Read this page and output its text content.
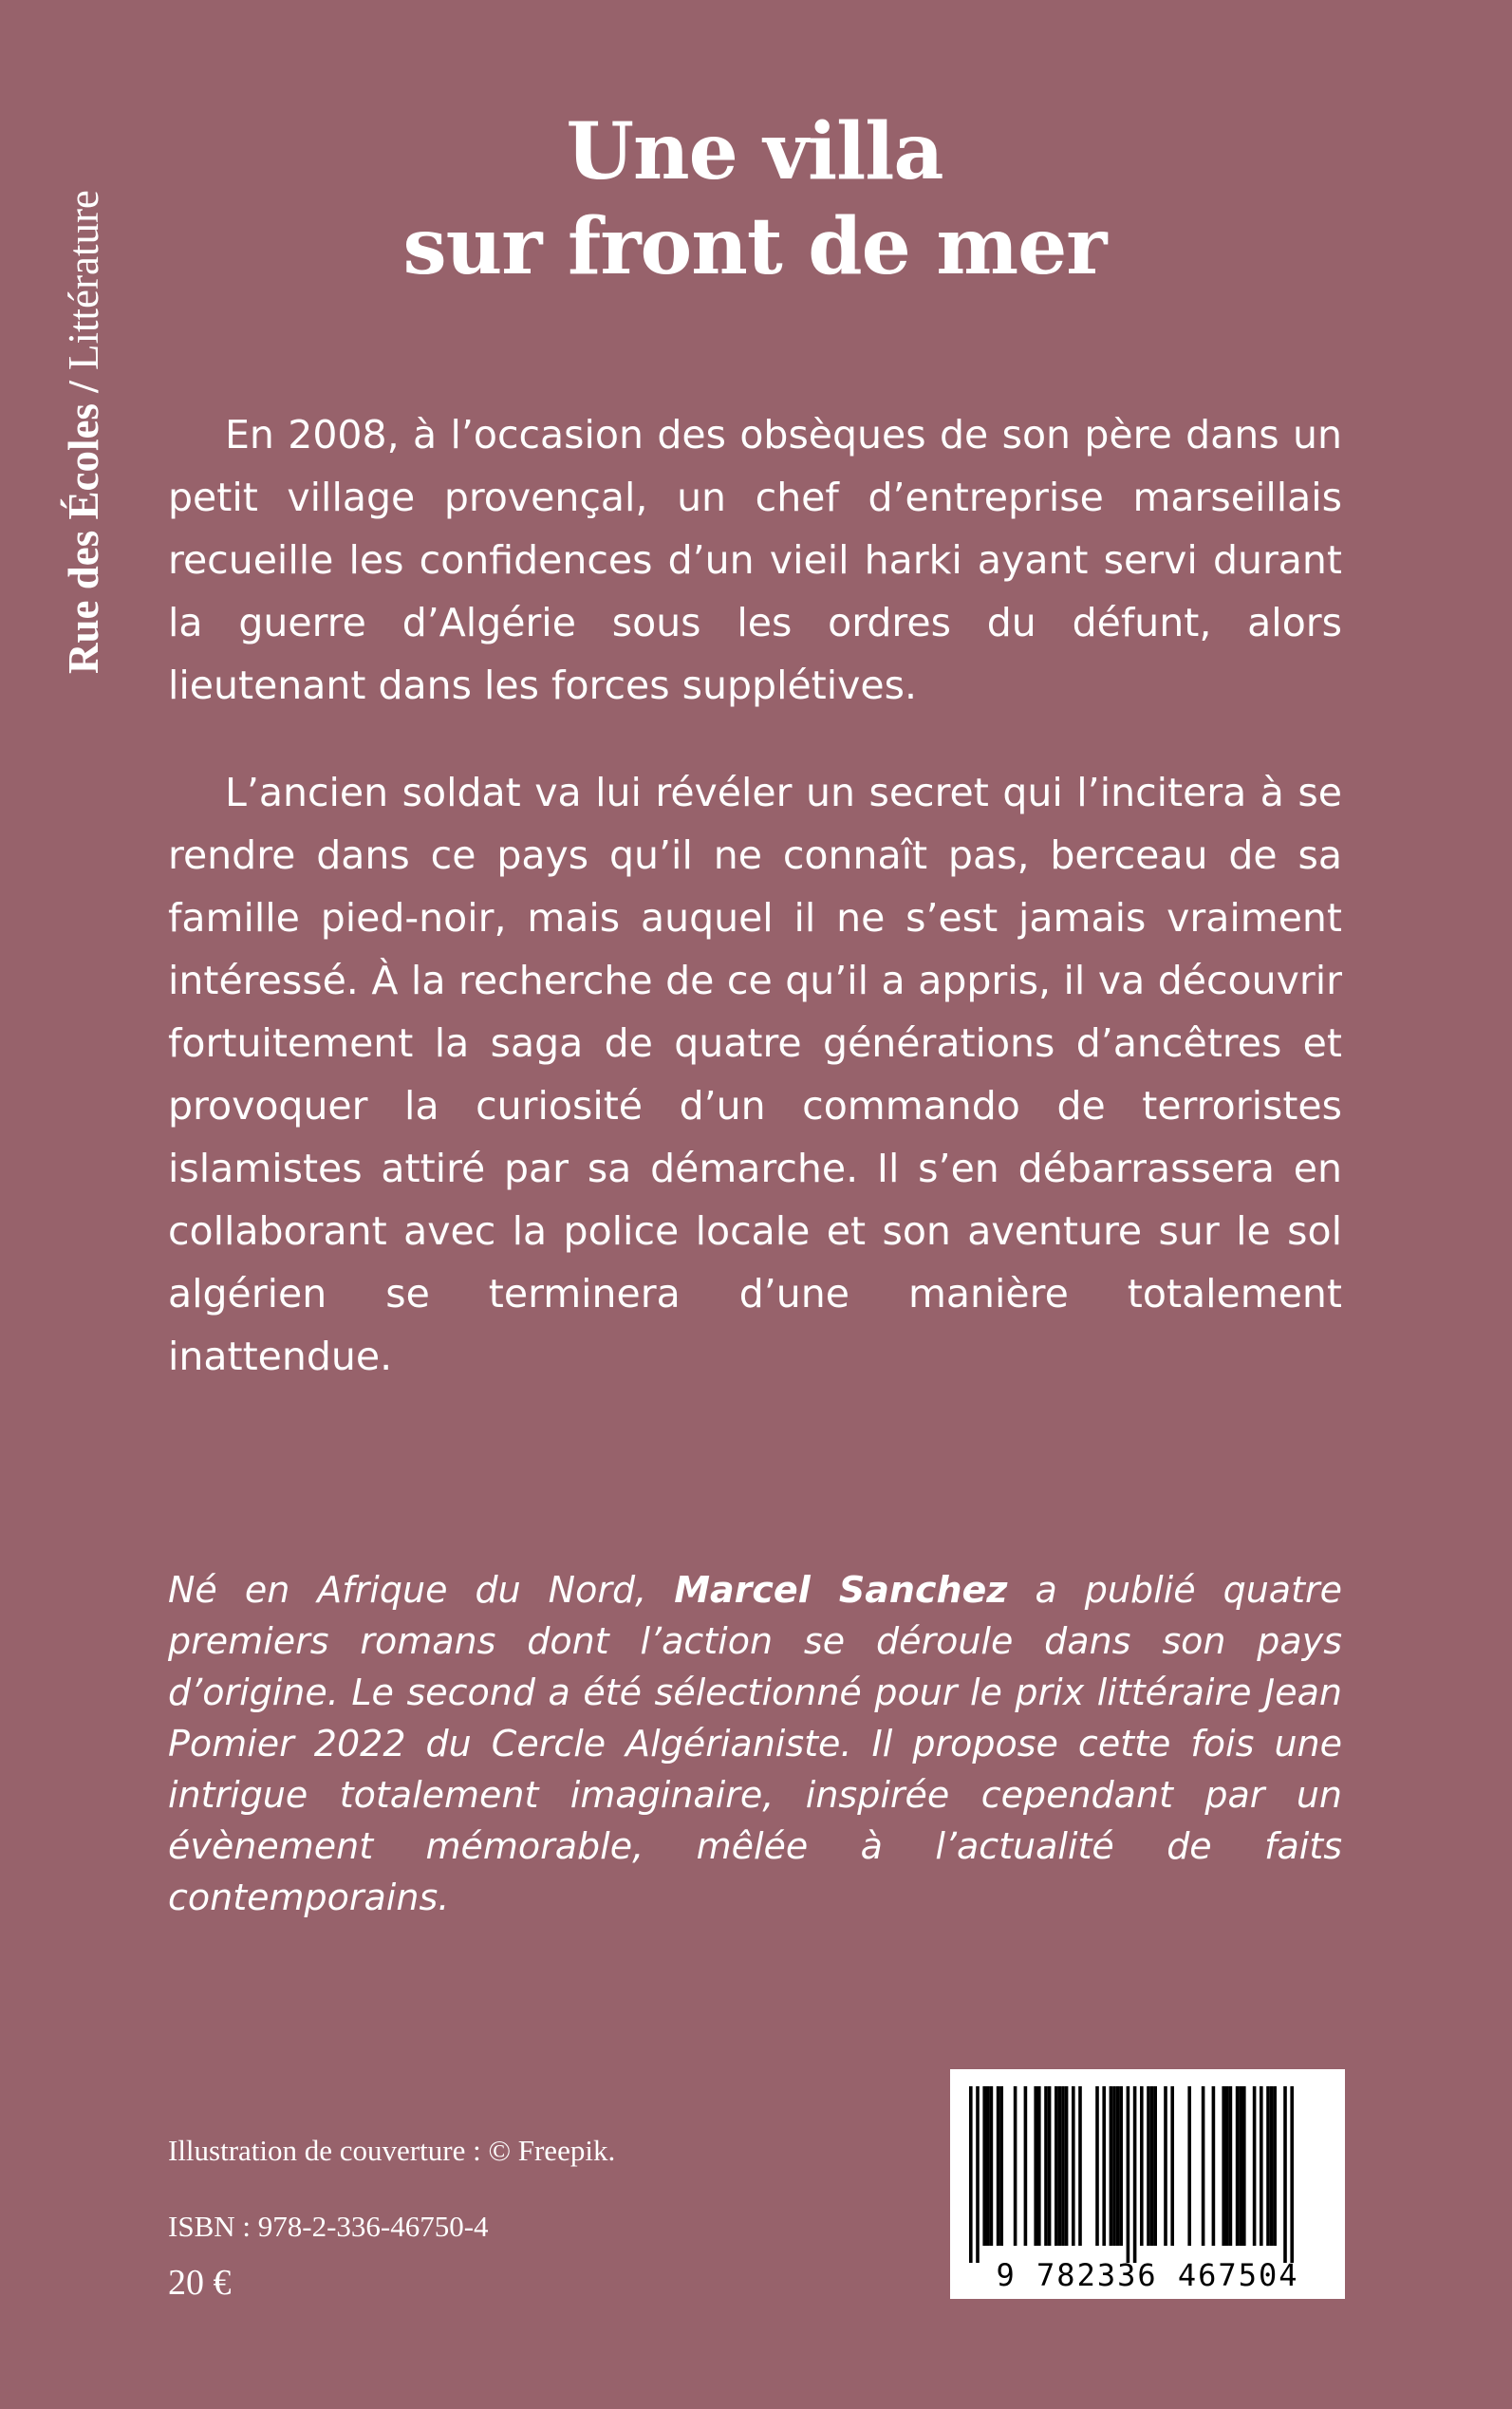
Rue des Écoles / Littérature
Une villa
sur front de mer

En 2008, à l’occasion des obsèques de son père dans un petit village provençal, un chef d’entreprise marseillais recueille les confidences d’un vieil harki ayant servi durant la guerre d’Algérie sous les ordres du défunt, alors lieutenant dans les forces supplétives.

L’ancien soldat va lui révéler un secret qui l’incitera à se rendre dans ce pays qu’il ne connaît pas, berceau de sa famille pied-noir, mais auquel il ne s’est jamais vraiment intéressé. À la recherche de ce qu’il a appris, il va découvrir fortuitement la saga de quatre générations d’ancêtres et provoquer la curiosité d’un commando de terroristes islamistes attiré par sa démarche. Il s’en débarrassera en collaborant avec la police locale et son aventure sur le sol algérien se terminera d’une manière totalement inattendue.

Né en Afrique du Nord, Marcel Sanchez a publié quatre premiers romans dont l’action se déroule dans son pays d’origine. Le second a été sélectionné pour le prix littéraire Jean Pomier 2022 du Cercle Algérianiste. Il propose cette fois une intrigue totalement imaginaire, inspirée cependant par un évènement mémorable, mêlée à l’actualité de faits contemporains.

Illustration de couverture : © Freepik.
ISBN : 978-2-336-46750-4
20 €	9 782336 467504
